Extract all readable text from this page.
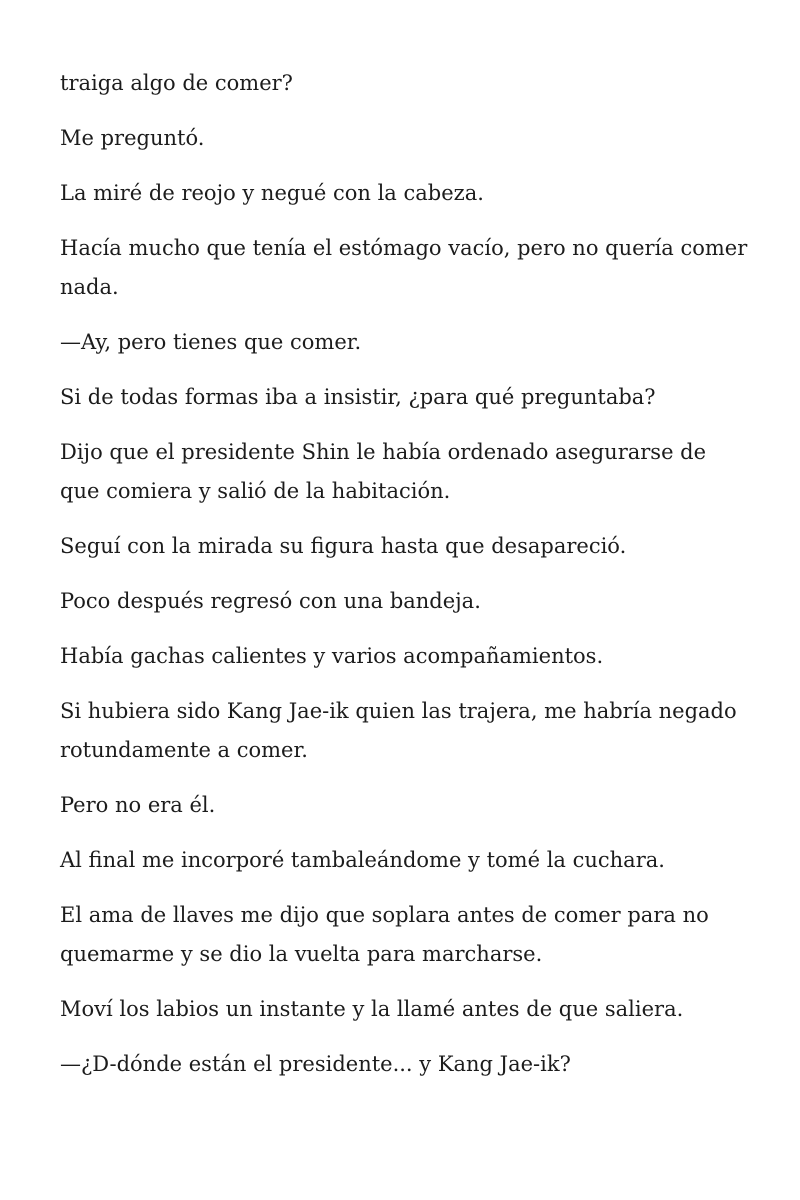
traiga algo de comer?

Me preguntó.

La miré de reojo y negué con la cabeza.

Hacía mucho que tenía el estómago vacío, pero no quería comer nada.

—Ay, pero tienes que comer.

Si de todas formas iba a insistir, ¿para qué preguntaba?

Dijo que el presidente Shin le había ordenado asegurarse de que comiera y salió de la habitación.

Seguí con la mirada su figura hasta que desapareció.

Poco después regresó con una bandeja.

Había gachas calientes y varios acompañamientos.

Si hubiera sido Kang Jae-ik quien las trajera, me habría negado rotundamente a comer.

Pero no era él.

Al final me incorporé tambaleándome y tomé la cuchara.

El ama de llaves me dijo que soplara antes de comer para no quemarme y se dio la vuelta para marcharse.

Moví los labios un instante y la llamé antes de que saliera.

—¿D-dónde están el presidente... y Kang Jae-ik?
